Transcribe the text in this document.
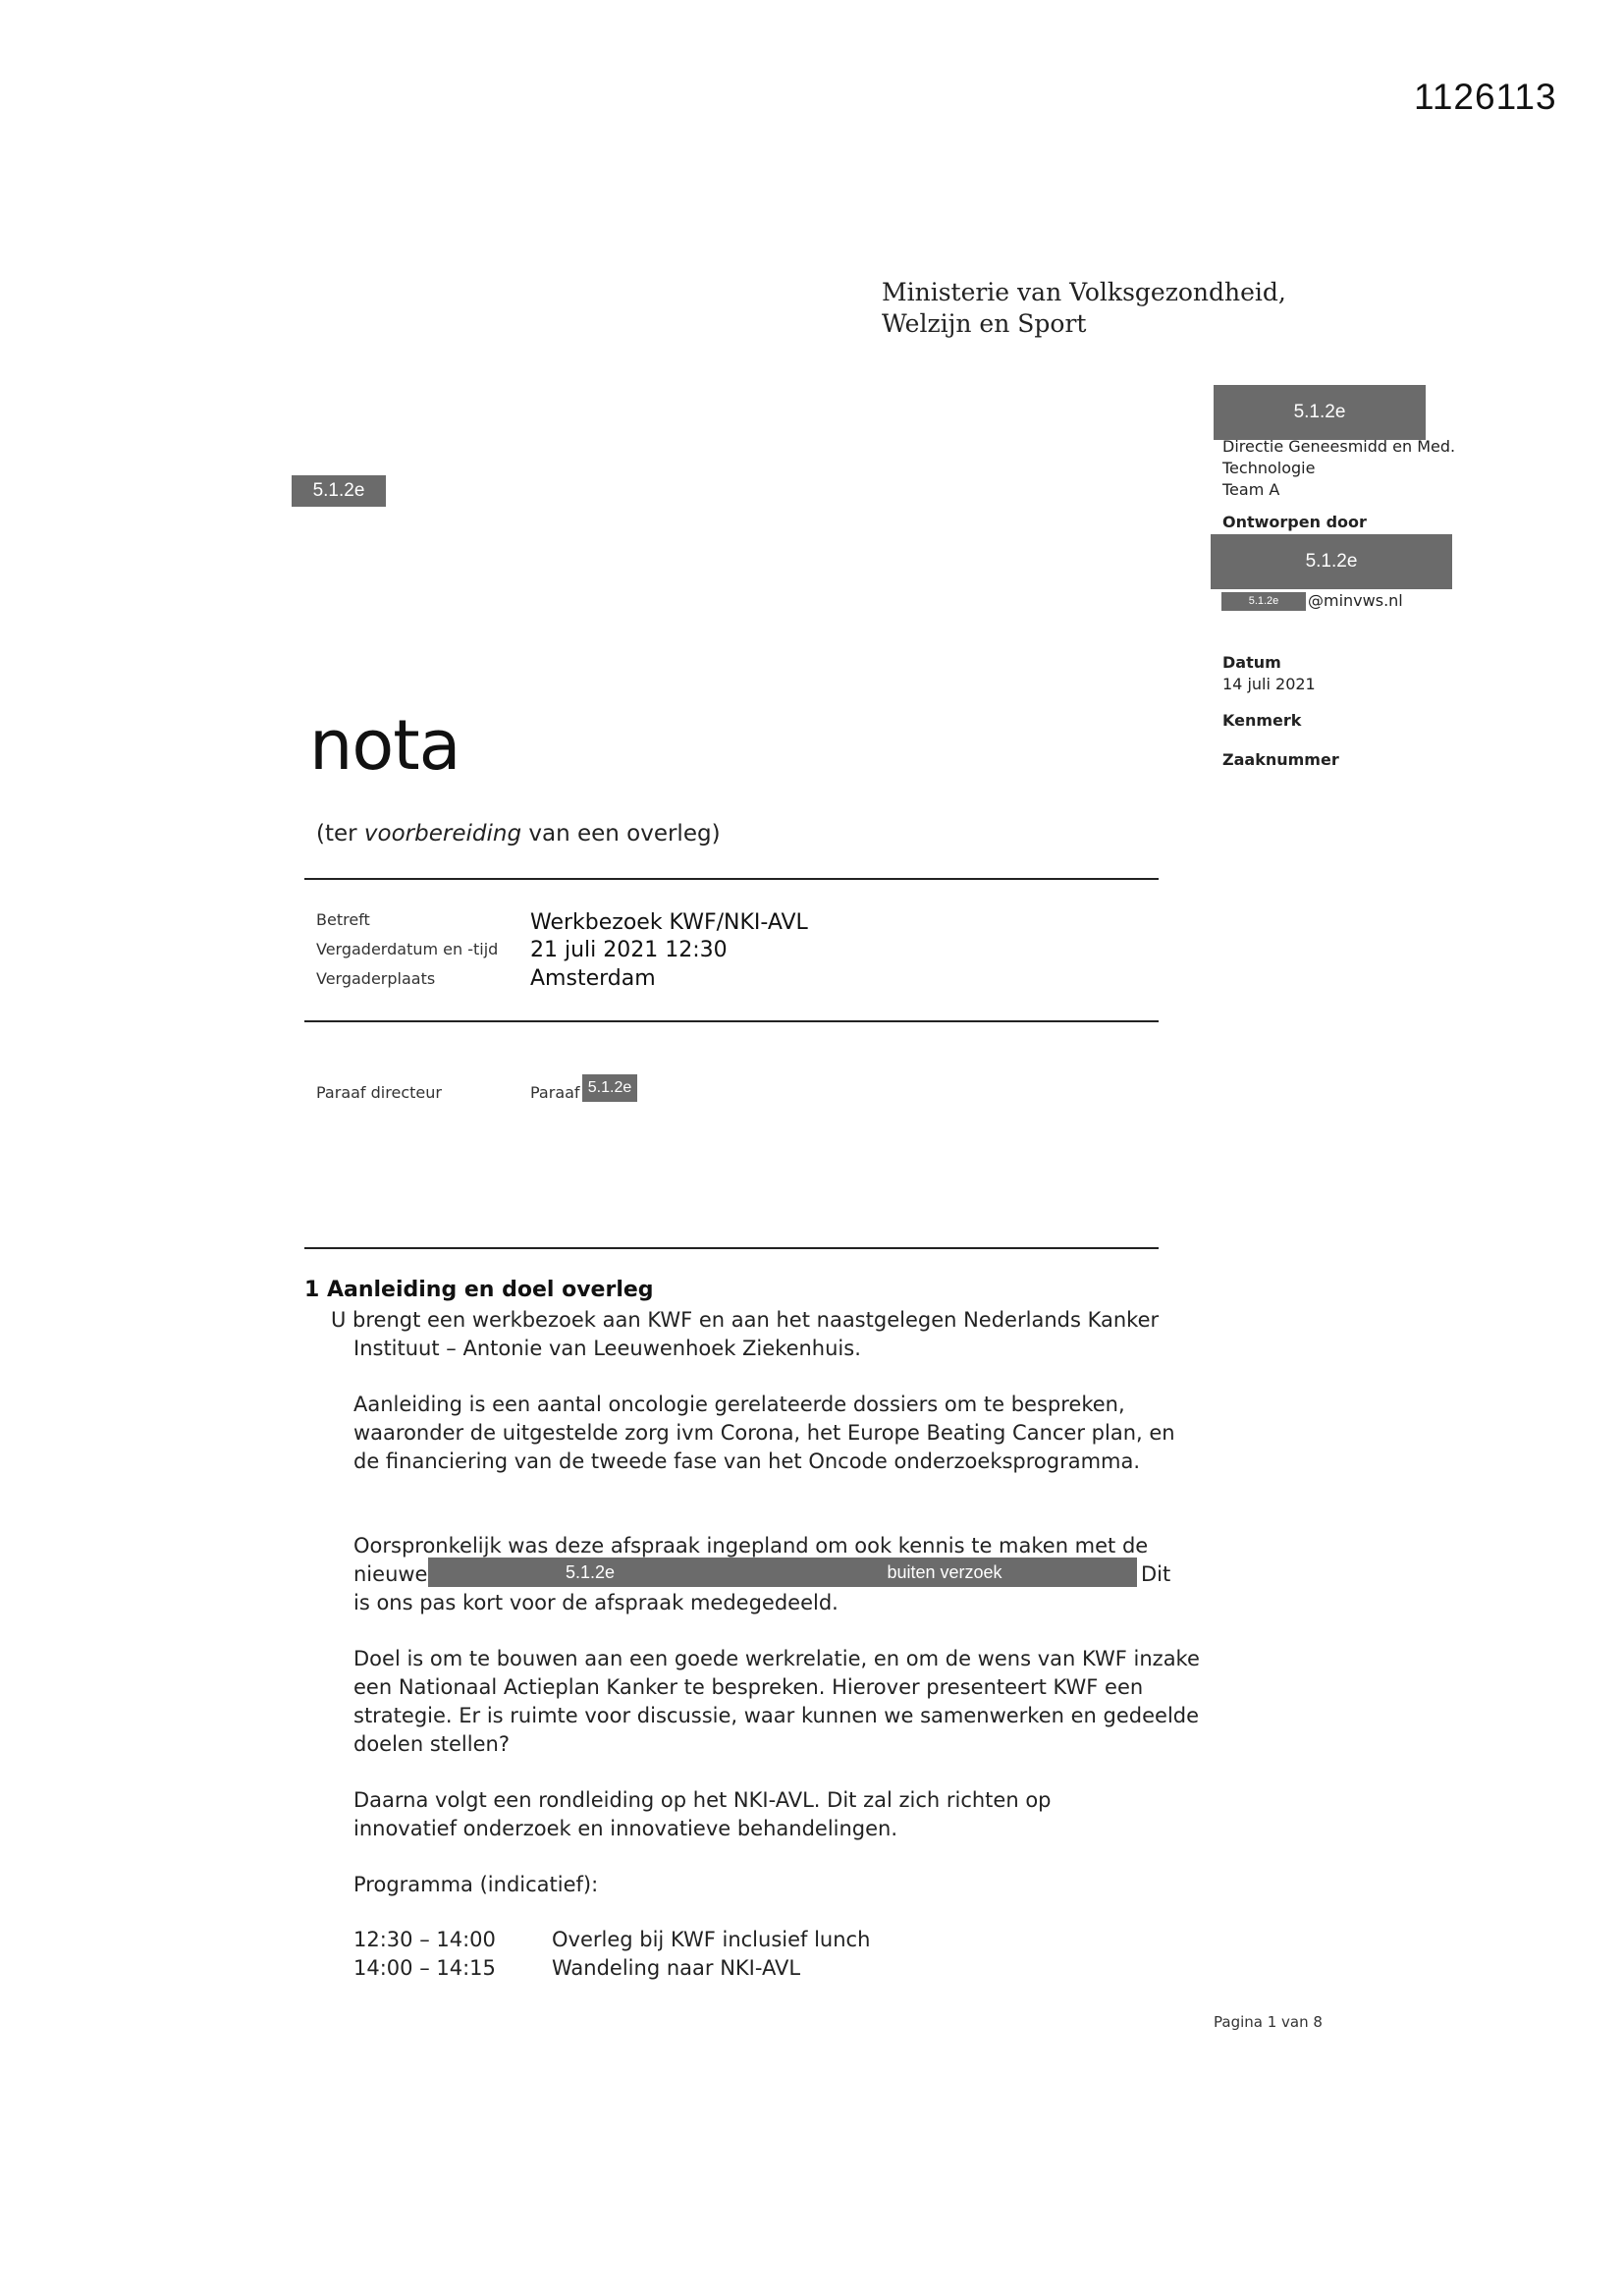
1126113
Ministerie van Volksgezondheid,
Welzijn en Sport
5.1.2e
5.1.2e
Directie Geneesmidd en Med.
Technologie
Team A
Ontworpen door
5.1.2e
5.1.2e	@minvws.nl
Datum
14 juli 2021
Kenmerk
Zaaknummer
nota
(ter voorbereiding van een overleg)
Betreft	Werkbezoek KWF/NKI-AVL
Vergaderdatum en -tijd 21 juli 2021 12:30
Vergaderplaats	Amsterdam
Paraaf directeur	Paraaf 5.1.2e
1 Aanleiding en doel overleg
U brengt een werkbezoek aan KWF en aan het naastgelegen Nederlands Kanker
Instituut – Antonie van Leeuwenhoek Ziekenhuis.
Aanleiding is een aantal oncologie gerelateerde dossiers om te bespreken, waaronder de uitgestelde zorg ivm Corona, het Europe Beating Cancer plan, en de financiering van de tweede fase van het Oncode onderzoeksprogramma.
Oorspronkelijk was deze afspraak ingepland om ook kennis te maken met de
nieuwe	5.1.2e	buiten verzoek	Dit
is ons pas kort voor de afspraak medegedeeld.
Doel is om te bouwen aan een goede werkrelatie, en om de wens van KWF inzake een Nationaal Actieplan Kanker te bespreken. Hierover presenteert KWF een strategie. Er is ruimte voor discussie, waar kunnen we samenwerken en gedeelde doelen stellen?
Daarna volgt een rondleiding op het NKI-AVL. Dit zal zich richten op innovatief onderzoek en innovatieve behandelingen.
Programma (indicatief):
12:30 – 14:00	Overleg bij KWF inclusief lunch
14:00 – 14:15	Wandeling naar NKI-AVL
Pagina 1 van 8
